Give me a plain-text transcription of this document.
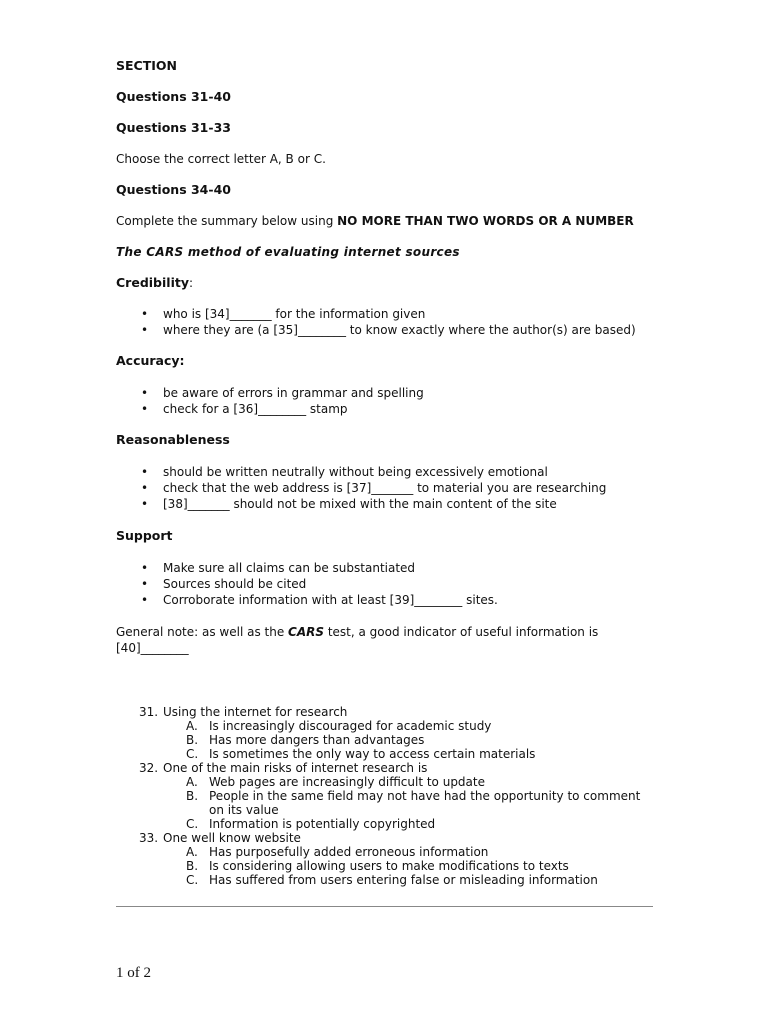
SECTION

Questions 31-40

Questions 31-33

Choose the correct letter A, B or C.

Questions 34-40

Complete the summary below using NO MORE THAN TWO WORDS OR A NUMBER

The CARS method of evaluating internet sources

Credibility:

• who is [34]_______ for the information given
• where they are (a [35]________ to know exactly where the author(s) are based)

Accuracy:

• be aware of errors in grammar and spelling
• check for a [36]________ stamp

Reasonableness

• should be written neutrally without being excessively emotional
• check that the web address is [37]_______ to material you are researching
• [38]_______ should not be mixed with the main content of the site

Support

• Make sure all claims can be substantiated
• Sources should be cited
• Corroborate information with at least [39]________ sites.

General note: as well as the CARS test, a good indicator of useful information is

[40]________

31. Using the internet for research
A. Is increasingly discouraged for academic study
B. Has more dangers than advantages
C. Is sometimes the only way to access certain materials
32. One of the main risks of internet research is
A. Web pages are increasingly difficult to update
B. People in the same field may not have had the opportunity to comment on its value
C. Information is potentially copyrighted
33. One well know website
A. Has purposefully added erroneous information
B. Is considering allowing users to make modifications to texts
C. Has suffered from users entering false or misleading information
1 of 2
